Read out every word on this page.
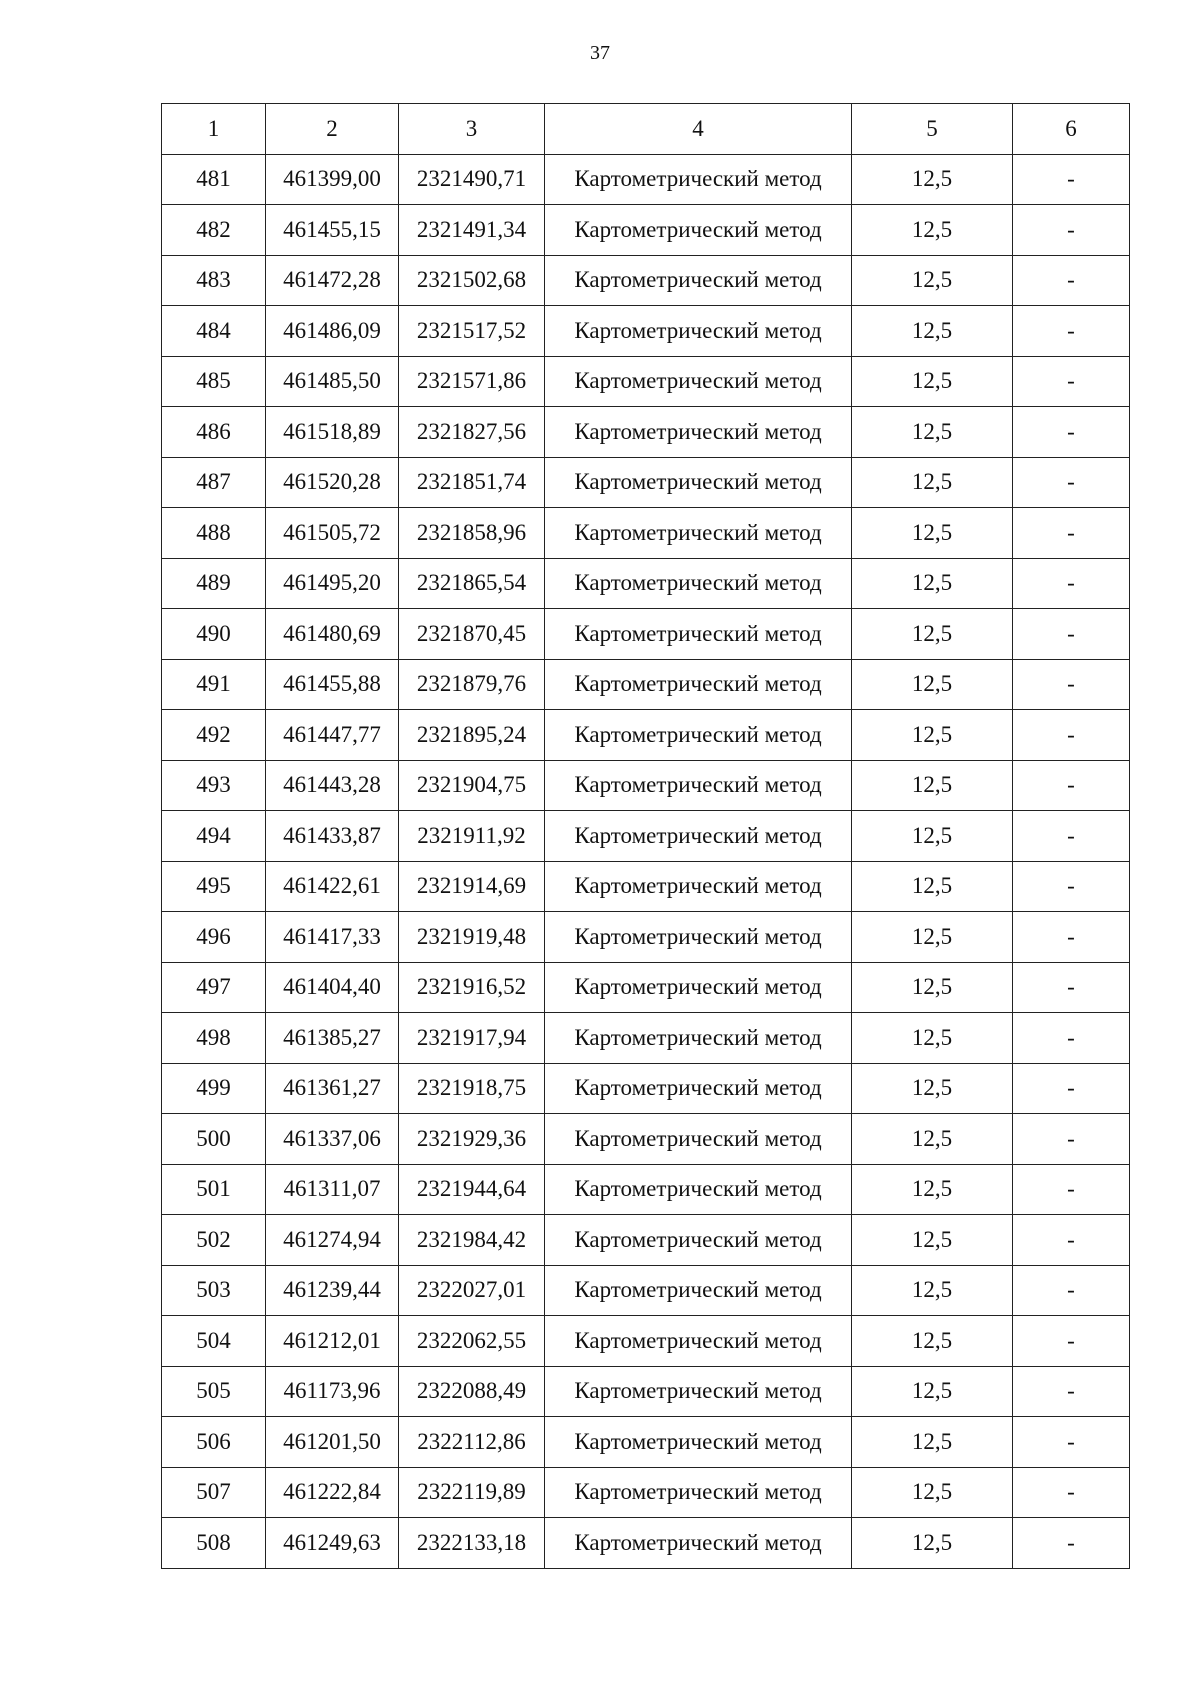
37
1	2	3	4	5	6
481	461399,00	2321490,71	Картометрический метод	12,5	-
482	461455,15	2321491,34	Картометрический метод	12,5	-
483	461472,28	2321502,68	Картометрический метод	12,5	-
484	461486,09	2321517,52	Картометрический метод	12,5	-
485	461485,50	2321571,86	Картометрический метод	12,5	-
486	461518,89	2321827,56	Картометрический метод	12,5	-
487	461520,28	2321851,74	Картометрический метод	12,5	-
488	461505,72	2321858,96	Картометрический метод	12,5	-
489	461495,20	2321865,54	Картометрический метод	12,5	-
490	461480,69	2321870,45	Картометрический метод	12,5	-
491	461455,88	2321879,76	Картометрический метод	12,5	-
492	461447,77	2321895,24	Картометрический метод	12,5	-
493	461443,28	2321904,75	Картометрический метод	12,5	-
494	461433,87	2321911,92	Картометрический метод	12,5	-
495	461422,61	2321914,69	Картометрический метод	12,5	-
496	461417,33	2321919,48	Картометрический метод	12,5	-
497	461404,40	2321916,52	Картометрический метод	12,5	-
498	461385,27	2321917,94	Картометрический метод	12,5	-
499	461361,27	2321918,75	Картометрический метод	12,5	-
500	461337,06	2321929,36	Картометрический метод	12,5	-
501	461311,07	2321944,64	Картометрический метод	12,5	-
502	461274,94	2321984,42	Картометрический метод	12,5	-
503	461239,44	2322027,01	Картометрический метод	12,5	-
504	461212,01	2322062,55	Картометрический метод	12,5	-
505	461173,96	2322088,49	Картометрический метод	12,5	-
506	461201,50	2322112,86	Картометрический метод	12,5	-
507	461222,84	2322119,89	Картометрический метод	12,5	-
508	461249,63	2322133,18	Картометрический метод	12,5	-
